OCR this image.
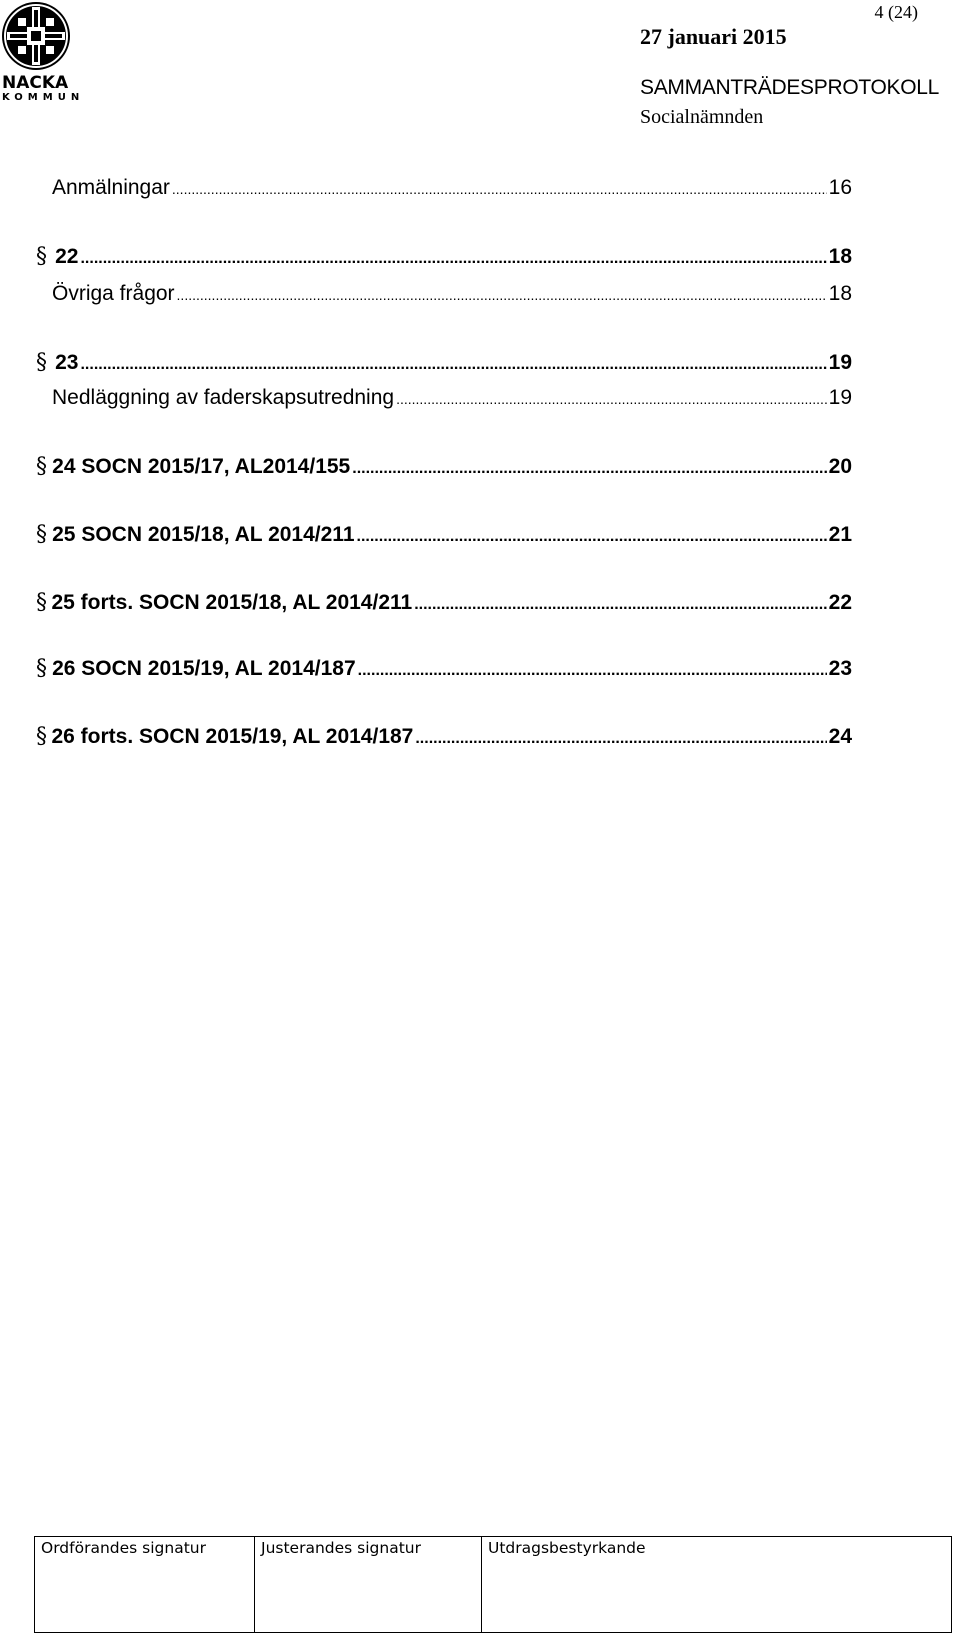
NACKA
KOMMUN
4 (24)
27 januari 2015
SAMMANTRÄDESPROTOKOLL
Socialnämnden
Anmälningar .....	16
§ 22 .....	18
Övriga frågor .....	18
§ 23 .....	19
Nedläggning av faderskapsutredning .....	19
§ 24 SOCN 2015/17, AL2014/155 .....	20
§ 25 SOCN 2015/18, AL 2014/211 .....	21
§ 25 forts. SOCN 2015/18, AL 2014/211 .....	22
§ 26 SOCN 2015/19, AL 2014/187 .....	23
§ 26 forts. SOCN 2015/19, AL 2014/187 .....	24
Ordförandes signatur	Justerandes signatur	Utdragsbestyrkande
